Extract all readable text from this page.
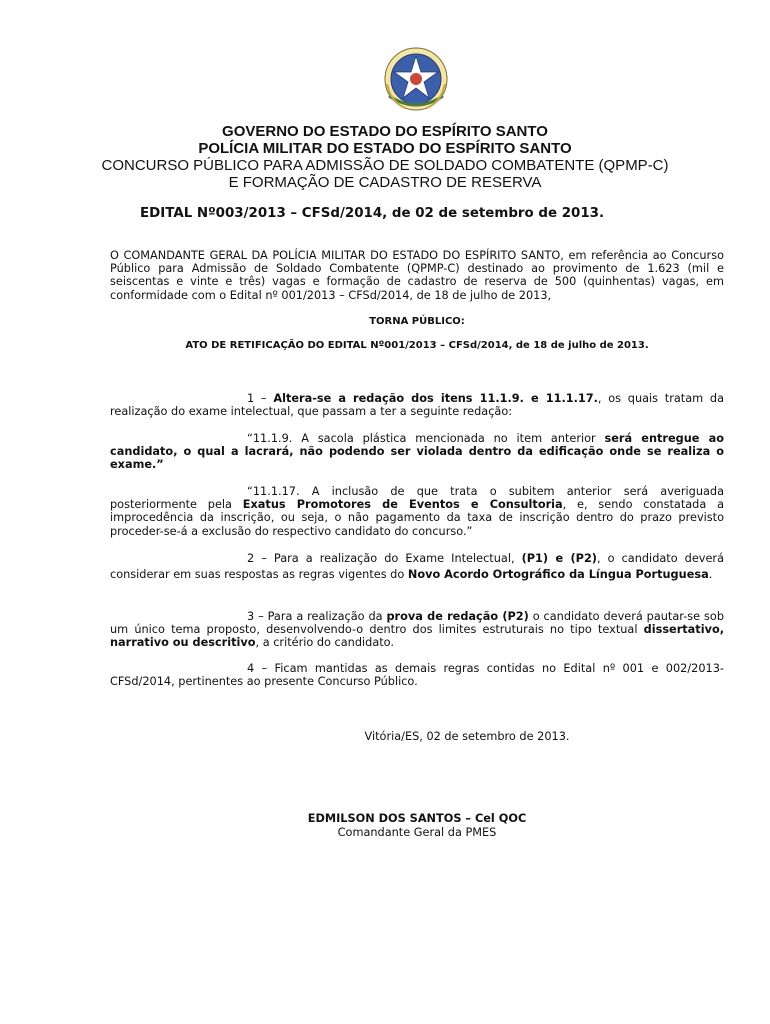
GOVERNO DO ESTADO DO ESPÍRITO SANTO
POLÍCIA MILITAR DO ESTADO DO ESPÍRITO SANTO
CONCURSO PÚBLICO PARA ADMISSÃO DE SOLDADO COMBATENTE (QPMP-C)
E FORMAÇÃO DE CADASTRO DE RESERVA
EDITAL Nº003/2013 – CFSd/2014, de 02 de setembro de 2013.
O COMANDANTE GERAL DA POLÍCIA MILITAR DO ESTADO DO ESPÍRITO SANTO, em referência ao Concurso Público para Admissão de Soldado Combatente (QPMP-C) destinado ao provimento de 1.623 (mil e seiscentas e vinte e três) vagas e formação de cadastro de reserva de 500 (quinhentas) vagas, em conformidade com o Edital nº 001/2013 – CFSd/2014, de 18 de julho de 2013,
TORNA PÚBLICO:
ATO DE RETIFICAÇÃO DO EDITAL Nº001/2013 – CFSd/2014, de 18 de julho de 2013.
1 – Altera-se a redação dos itens 11.1.9. e 11.1.17., os quais tratam da realização do exame intelectual, que passam a ter a seguinte redação:
“11.1.9. A sacola plástica mencionada no item anterior será entregue ao candidato, o qual a lacrará, não podendo ser violada dentro da edificação onde se realiza o exame.”
“11.1.17. A inclusão de que trata o subitem anterior será averiguada posteriormente pela Exatus Promotores de Eventos e Consultoria, e, sendo constatada a improcedência da inscrição, ou seja, o não pagamento da taxa de inscrição dentro do prazo previsto proceder-se-á a exclusão do respectivo candidato do concurso.”
2 – Para a realização do Exame Intelectual, (P1) e (P2), o candidato deverá considerar em suas respostas as regras vigentes do Novo Acordo Ortográfico da Língua Portuguesa.
3 – Para a realização da prova de redação (P2) o candidato deverá pautar-se sob um único tema proposto, desenvolvendo-o dentro dos limites estruturais no tipo textual dissertativo, narrativo ou descritivo, a critério do candidato.
4 – Ficam mantidas as demais regras contidas no Edital nº 001 e 002/2013-CFSd/2014, pertinentes ao presente Concurso Público.
Vitória/ES, 02 de setembro de 2013.
EDMILSON DOS SANTOS – Cel QOC
Comandante Geral da PMES
